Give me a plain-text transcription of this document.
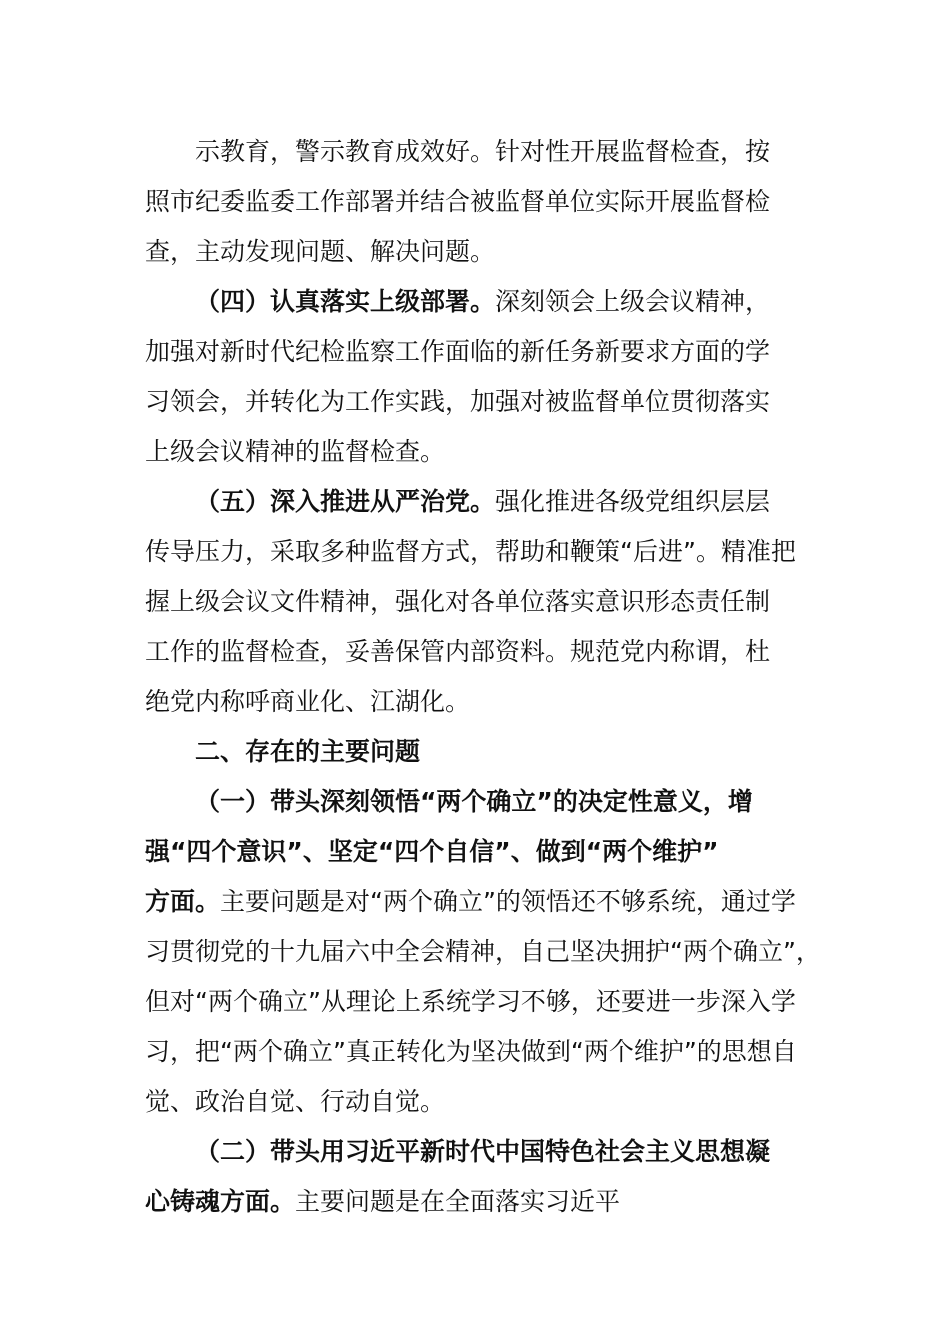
示教育，警示教育成效好。针对性开展监督检查，按
照市纪委监委工作部署并结合被监督单位实际开展监督检
查，主动发现问题、解决问题。
（四）认真落实上级部署。深刻领会上级会议精神，
加强对新时代纪检监察工作面临的新任务新要求方面的学
习领会，并转化为工作实践，加强对被监督单位贯彻落实
上级会议精神的监督检查。
（五）深入推进从严治党。强化推进各级党组织层层
传导压力，采取多种监督方式，帮助和鞭策“后进”。精准把
握上级会议文件精神，强化对各单位落实意识形态责任制
工作的监督检查，妥善保管内部资料。规范党内称谓，杜
绝党内称呼商业化、江湖化。
二、存在的主要问题
（一）带头深刻领悟“两个确立”的决定性意义，增
强“四个意识”、坚定“四个自信”、做到“两个维护”
方面。主要问题是对“两个确立”的领悟还不够系统，通过学
习贯彻党的十九届六中全会精神，自己坚决拥护“两个确立”，
但对“两个确立”从理论上系统学习不够，还要进一步深入学
习，把“两个确立”真正转化为坚决做到“两个维护”的思想自
觉、政治自觉、行动自觉。
（二）带头用习近平新时代中国特色社会主义思想凝
心铸魂方面。主要问题是在全面落实习近平
